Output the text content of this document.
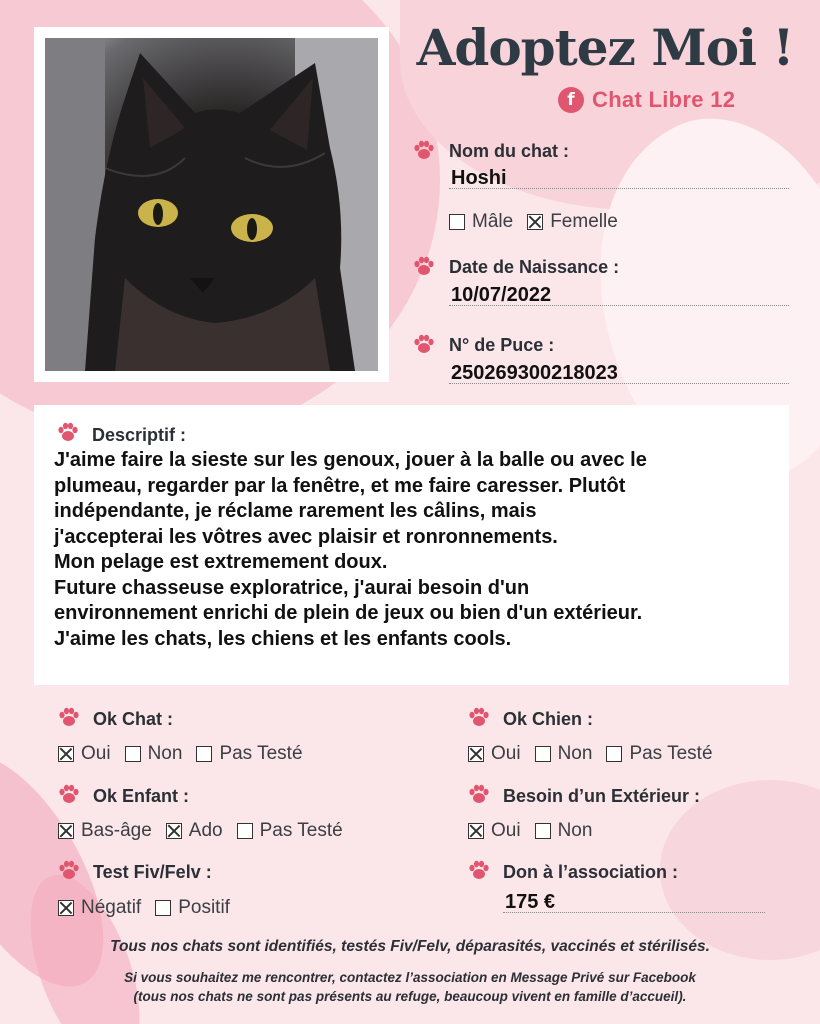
Adoptez Moi !
f Chat Libre 12
Nom du chat :
Hoshi
Mâle Femelle
Date de Naissance :
10/07/2022
N° de Puce :
250269300218023
Descriptif :
J'aime faire la sieste sur les genoux, jouer à la balle ou avec le
plumeau, regarder par la fenêtre, et me faire caresser. Plutôt
indépendante, je réclame rarement les câlins, mais
j'accepterai les vôtres avec plaisir et ronronnements.
Mon pelage est extremement doux.
Future chasseuse exploratrice, j'aurai besoin d'un
environnement enrichi de plein de jeux ou bien d'un extérieur.
J'aime les chats, les chiens et les enfants cools.
Ok Chat :
Oui Non Pas Testé
Ok Enfant :
Bas-âge Ado Pas Testé
Test Fiv/Felv :
Négatif Positif
Ok Chien :
Oui Non Pas Testé
Besoin d’un Extérieur :
Oui Non
Don à l’association :
175 €
Tous nos chats sont identifiés, testés Fiv/Felv, déparasités, vaccinés et stérilisés.
Si vous souhaitez me rencontrer, contactez l’association en Message Privé sur Facebook
(tous nos chats ne sont pas présents au refuge, beaucoup vivent en famille d’accueil).
